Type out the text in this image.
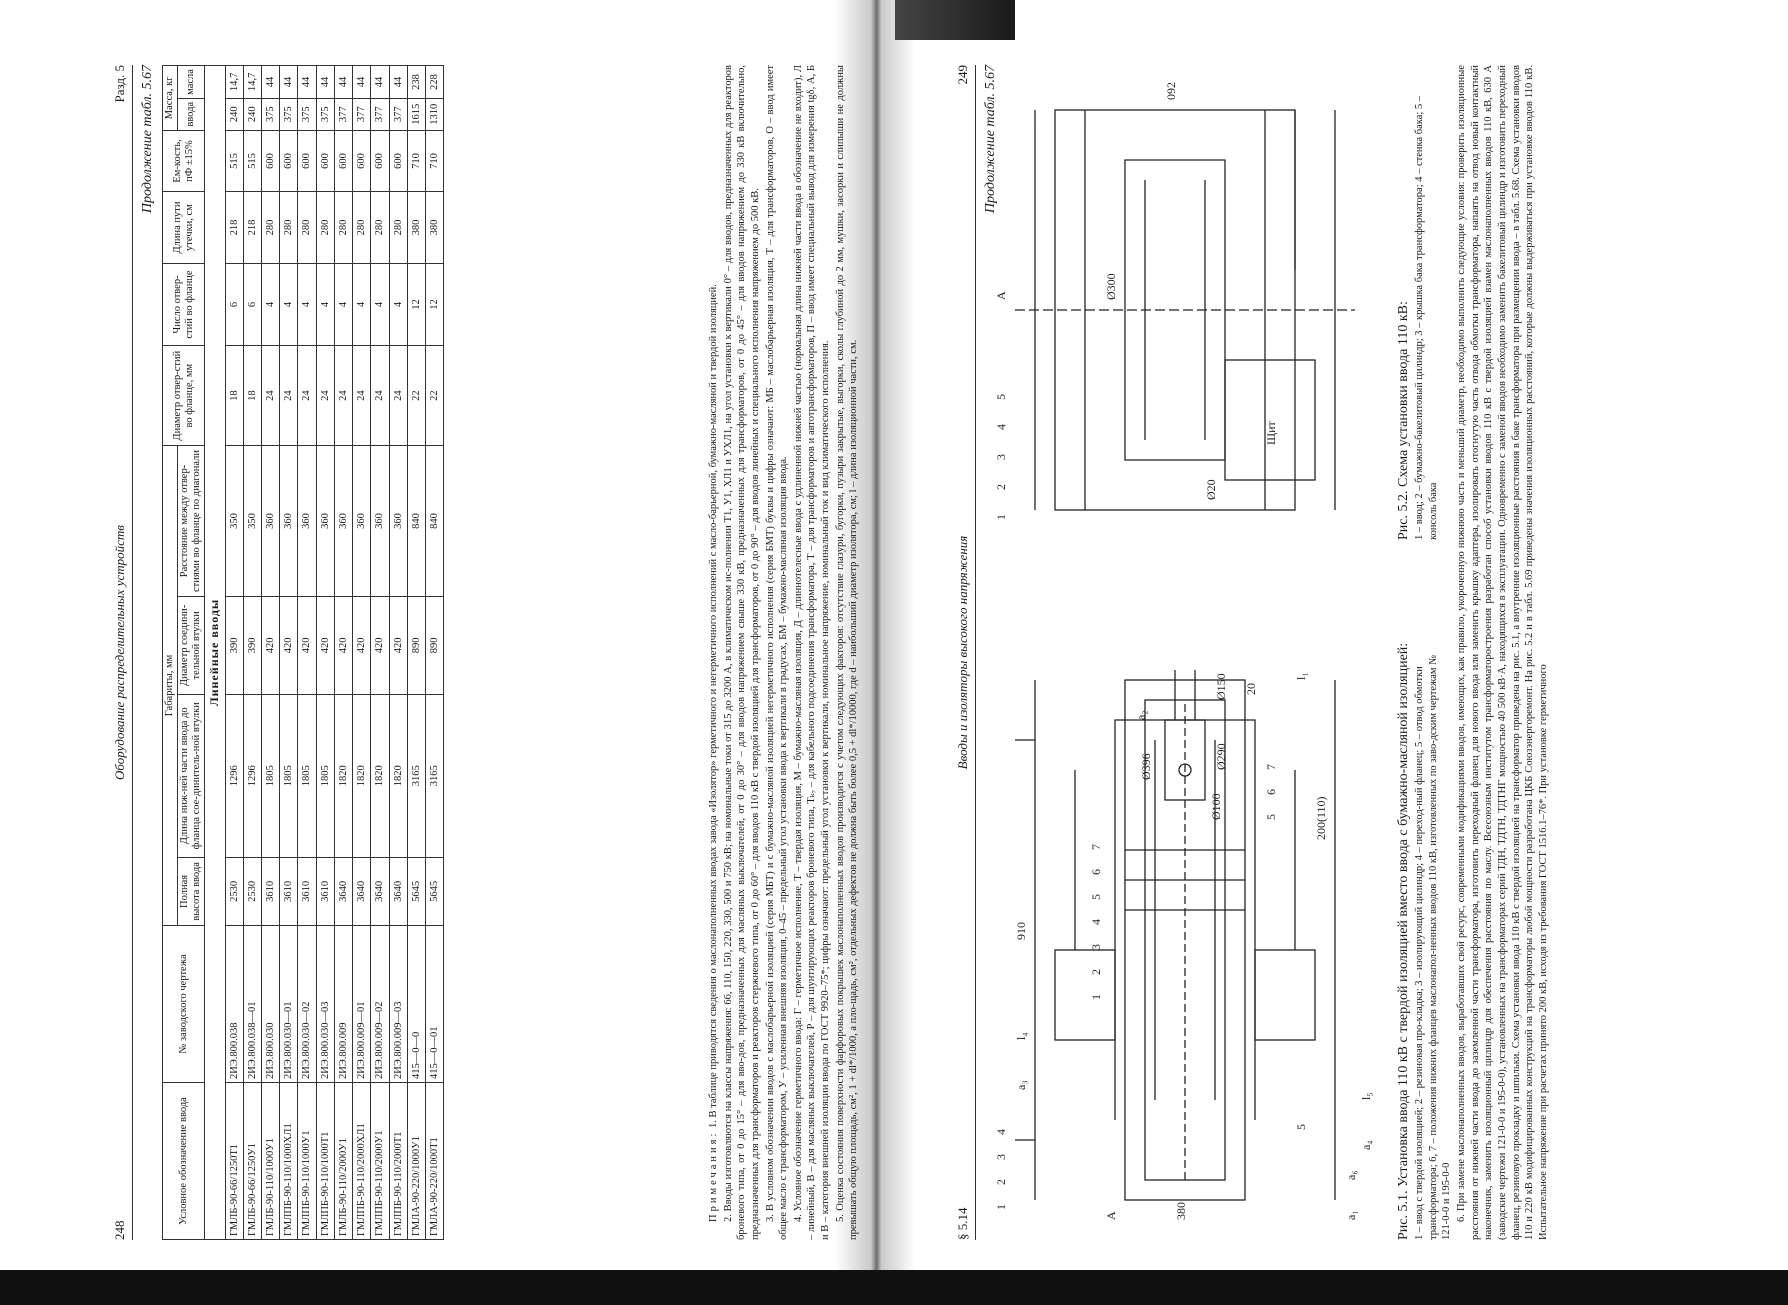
248
Оборудование распределительных устройств
Разд. 5 Продолжение табл. 5.67
Условное обозначение ввода	№ заводского чертежа	Габариты, мм				Диаметр отвер-стий во фланце, мм	Число отвер-стий во фланце	Длина пути утечки, см	Ем-кость, пФ ±15%	Масса, кг	
		Полная высота ввода	Длина ниж-ней части ввода до фланца сое-динитель-ной втулки	Диаметр соедини-тельной втулки	Расстояние между отвер-стиями во фланце по диагонали					ввода	масла
Линейные вводы											
ГМЛБ-90-66/1250Т1	2ИЭ.800.038	2530	1296	390	350	18	6	218	515	240	14,7
ГМЛБ-90-66/1250У1	2ИЭ.800.038—01	2530	1296	390	350	18	6	218	515	240	14,7
ГМЛБ-90-110/1000У1	2ИЭ.800.030	3610	1805	420	360	24	4	280	600	375	44
ГМЛПБ-90-110/1000ХЛ1	2ИЭ.800.030—01	3610	1805	420	360	24	4	280	600	375	44
ГМЛПБ-90-110/1000У1	2ИЭ.800.030—02	3610	1805	420	360	24	4	280	600	375	44
ГМЛПБ-90-110/1000Т1	2ИЭ.800.030—03	3610	1805	420	360	24	4	280	600	375	44
ГМЛБ-90-110/2000У1	2ИЭ.800.009	3640	1820	420	360	24	4	280	600	377	44
ГМЛПБ-90-110/2000ХЛ1	2ИЭ.800.009—01	3640	1820	420	360	24	4	280	600	377	44
ГМЛПБ-90-110/2000У1	2ИЭ.800.009—02	3640	1820	420	360	24	4	280	600	377	44
ГМЛПБ-90-110/2000Т1	2ИЭ.800.009—03	3640	1820	420	360	24	4	280	600	377	44
ГМЛА-90-220/1000У1	415—0—0	5645	3165	890	840	22	12	380	710	1615	238
ГМЛА-90-220/1000Т1	415—0—01	5645	3165	890	840	22	12	380	710	1310	228

Примечания: 1. В таблице приводятся сведения о маслонаполненных вводах завода «Изолятор» герметичного и негерметичного исполнений с масло-барьерной, бумажно-масляной и твердой изоляцией. 2. Вводы изготовляются на классы напряжения: 66, 110, 150, 220, 330, 500 и 750 кВ; на номинальные токи от 315 до 3200 А, в климатическом ис-полнении Т1, У1, ХЛ1 и УХЛ1, на угол установки к вертикали 0° – для вводов, предназначенных для реакторов броневого типа, от 0 до 15° – для вво-дов, предназначенных для масляных выключателей, от 0 до 30° – для вводов напряжением свыше 330 кВ, предназначенных для трансформаторов, от 0 до 45° – для вводов напряжением до 330 кВ включительно, предназначенных для трансформаторов и реакторов стержневого типа, от 0 до 60° – для вводов 110 кВ с твердой изоляцией для трансформаторов, от 0 до 90° – для вводов линейных и специального исполнения напряжением до 500 кВ. 3. В условном обозначении вводов с маслобарьерной изоляцией (серия МБТ) и с бумажно-масляной изоляцией негерметичного исполнения (серия БМТ) буквы и цифры означают: МБ – маслобарьерная изоляция, Т – для трансформаторов, О – ввод имеет общее масло с трансформатором, У – усиленная внешняя изоляция, 0–45 – предельный угол установки ввода к вертикали в градусах, БМ – бумажно-масляная изоляция ввода. 4. Условное обозначение герметичного ввода: Г – герметичное исполнение, Т – твердая изоляция, М – бумажно-масляная изоляция, Д – длиннотелесные ввода с удлиненной нижней частью (нормальная длина нижней части ввода в обозначение не входит), Л – линейный, В – для масляных выключателей, Р – для шунтирующих реакторов броневого типа, Тₖ₇ – для кабельного подсоединения трансформатора, Т – для трансформаторов и автотрансформаторов, П – ввод имеет специальный вывод для измерения tgδ, А, Б и В – категория внешней изоляции ввода по ГОСТ 9920–75*; цифры означают: предельный угол установки к вертикали, номинальное напряжение, номинальный ток и вид климатического исполнения. 5. Оценка состояния поверхности фарфоровых покрышек маслонаполненных вводов производится с учетом следующих факторов: отсутствие глазури, бугорки, пузыри закрытые, выгорки, сколы глубиной до 2 мм, мушки, засорки и слипыши не должны превышать общую площадь, см², 1 + dl*/1000, а пло-щадь, см², отдельных дефектов не должна быть более 0,5 + dl*/10000, где d – наибольший диаметр изолятора, см; l – длина изоляционной части, см.	§ 5.14
Вводы и изоляторы высокого напряжения
249 Продолжение табл. 5.67
1
2
3
4
5
6
7
1
2
3
4
5
6
7
910
a₃
l₄
Ø396	Ø290
Ø150
a₂
a₁
a₆
20
380
l₁
200(110)
5
A
a₄
l₅
Ø100	Рис. 5.1. Установка ввода 110 кВ с твердой изоляцией вместо ввода с бумажно-масляной изоляцией: 1 – ввод с твердой изоляцией; 2 – резиновая про-кладка; 3 – изолирующий цилиндр; 4 – переход-ный фланец; 5 – отвод обмотки трансформатора; 6, 7 – положения нижних фланцев маслонапол-ненных вводов 110 кВ, изготовленных по заво-дским чертежам № 121-0-0 и 195-0-0
1
2
3
4
5
A
Ø20
Ø300
092
Щит	Рис. 5.2. Схема установки ввода 110 кВ: 1 – ввод; 2 – бумажно-бакелитовый цилиндр; 3 – крышка бака трансформатора; 4 – стенка бака; 5 – консоль бака 6. При замене маслонаполненных вводов, выработавших свой ресурс, современными модификациями вводов, имеющих, как правило, укороченную нижнюю часть и меньший диаметр, необходимо выполнить следующие условия: проверить изоляционные расстояния от нижней части ввода до заземленной части трансформатора, изготовить переходный фланец для нового ввода или заменить крышку адаптера, изолировать отогнутую часть отвода обмотки трансформатора, напаять на отвод новый контактный наконечник, заменить изоляционный цилиндр для обеспечения расстояния по маслу. Всесоюзным институтом трансформаторостроения разработан способ установки вводов 110 кВ с твердой изоляцией взамен маслонаполненных вводов 110 кВ, 630 А (заводские чертежи 121-0-0 и 195-0-0), установленных на трансформаторах серий ТДН, ТДТН, ТДТНГ мощностью 40 500 кВ·А, находящихся в эксплуатации. Одновременно с заменой вводов необходимо заменить бакелитовый цилиндр и изготовить переходный фланец, резиновую прокладку и шпильки. Схема установки ввода 110 кВ с твердой изоляцией на трансформатор приведена на рис. 5.1, а внутренние изоляционные расстояния в баке трансформатора при размещении ввода – в табл. 5.68. Схема установки вводов 110 и 220 кВ модифицированных конструкций на трансформаторы любой мощности разработана ЦКБ Союзэнергоремонт. На рис. 5.2 и в табл. 5.69 приведены значения изоляционных расстояний, которые должны выдерживаться при установке вводов 110 кВ. Испытательное напряжение при расчетах принято 200 кВ, исходя из требования ГОСТ 1516.1–76*. При установке герметичного
